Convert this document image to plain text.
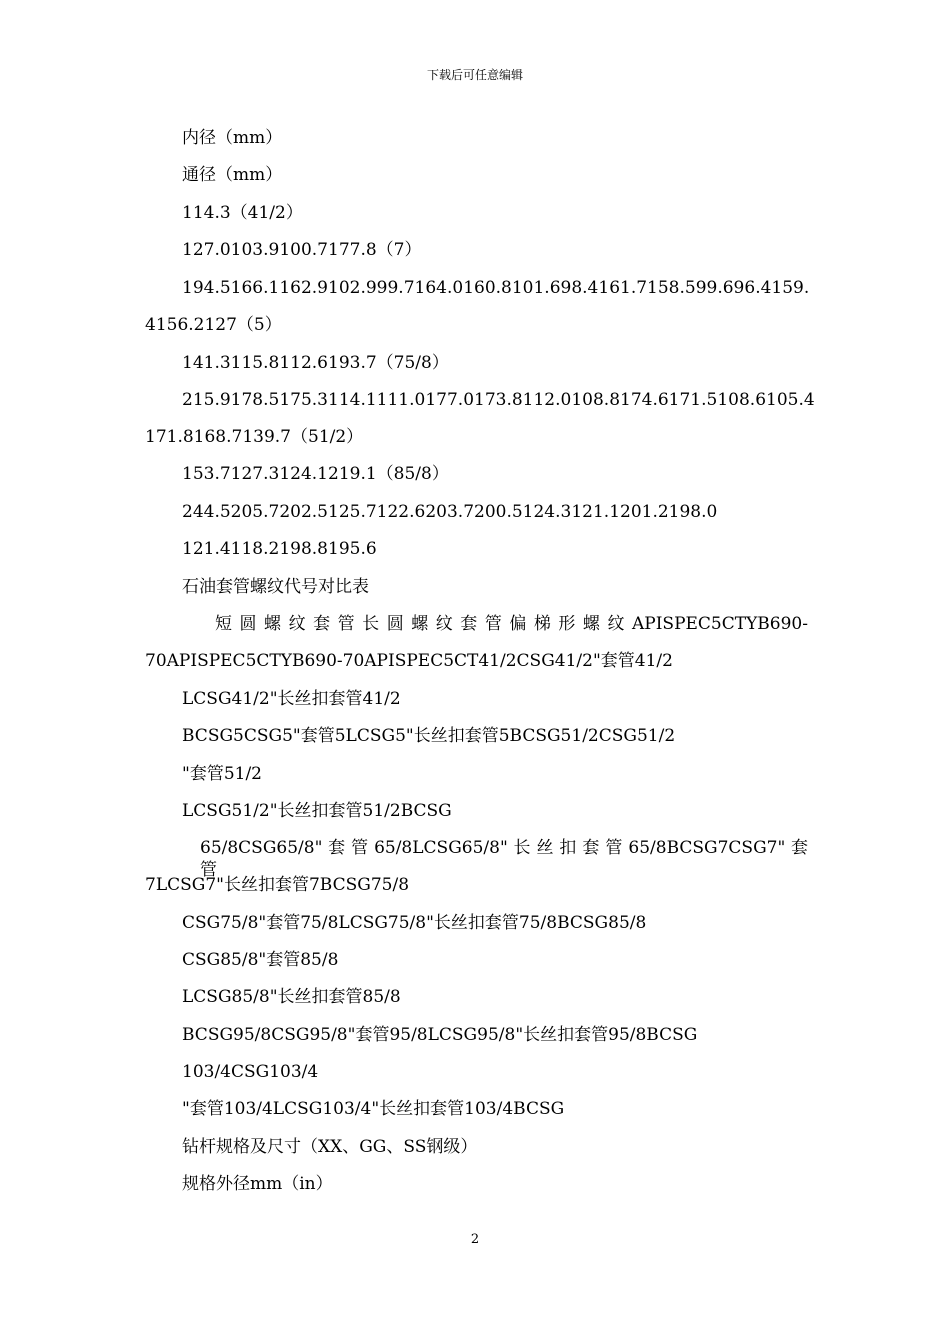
下载后可任意编辑
内径（mm）
通径（mm）
114.3（41/2）
127.0103.9100.7177.8（7）
194.5166.1162.9102.999.7164.0160.8101.698.4161.7158.599.696.4159.
4156.2127（5）
141.3115.8112.6193.7（75/8）
215.9178.5175.3114.1111.0177.0173.8112.0108.8174.6171.5108.6105.4
171.8168.7139.7（51/2）
153.7127.3124.1219.1（85/8）
244.5205.7202.5125.7122.6203.7200.5124.3121.1201.2198.0
121.4118.2198.8195.6
石油套管螺纹代号对比表
短 圆 螺 纹 套 管 长 圆 螺 纹 套 管 偏 梯 形 螺 纹 APISPEC5CTYB690-
70APISPEC5CTYB690-70APISPEC5CT41/2CSG41/2"套管41/2
LCSG41/2"长丝扣套管41/2
BCSG5CSG5"套管5LCSG5"长丝扣套管5BCSG51/2CSG51/2
"套管51/2
LCSG51/2"长丝扣套管51/2BCSG
65/8CSG65/8" 套 管 65/8LCSG65/8" 长 丝 扣 套 管 65/8BCSG7CSG7" 套 管
7LCSG7"长丝扣套管7BCSG75/8
CSG75/8"套管75/8LCSG75/8"长丝扣套管75/8BCSG85/8
CSG85/8"套管85/8
LCSG85/8"长丝扣套管85/8
BCSG95/8CSG95/8"套管95/8LCSG95/8"长丝扣套管95/8BCSG
103/4CSG103/4
"套管103/4LCSG103/4"长丝扣套管103/4BCSG
钻杆规格及尺寸（XX、GG、SS钢级）
规格外径mm（in）
2
